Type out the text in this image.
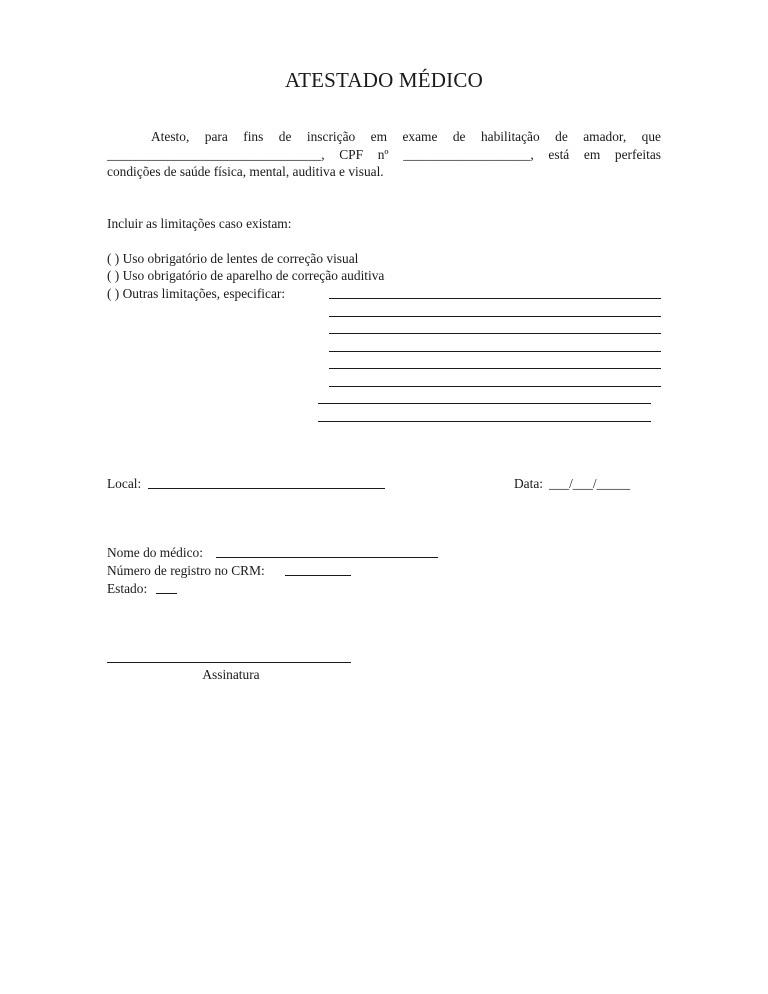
ATESTADO MÉDICO
Atesto, para fins de inscrição em exame de habilitação de amador, que
________________________________, CPF nº ___________________, está em perfeitas
condições de saúde física, mental, auditiva e visual.
Incluir as limitações caso existam:
( ) Uso obrigatório de lentes de correção visual
( ) Uso obrigatório de aparelho de correção auditiva
( ) Outras limitações, especificar:
Local:	Data: ___/___/_____
Nome do médico:
Número de registro no CRM:
Estado:
Assinatura
